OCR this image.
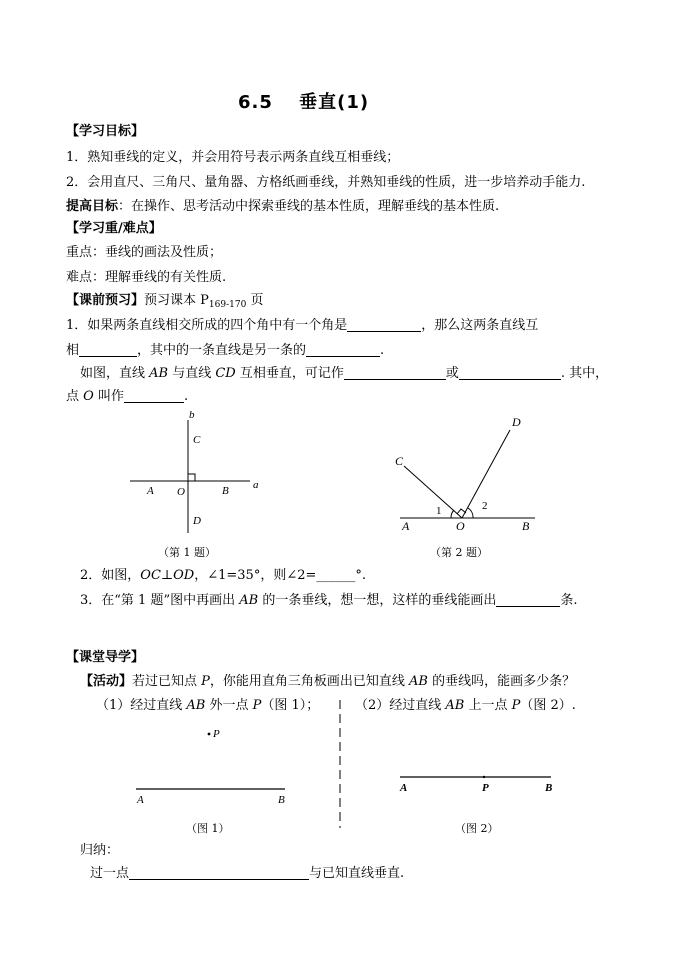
6.5　 垂直(1)
【学习目标】
1．熟知垂线的定义，并会用符号表示两条直线互相垂线；
2．会用直尺、三角尺、量角器、方格纸画垂线，并熟知垂线的性质，进一步培养动手能力.
提高目标：在操作、思考活动中探索垂线的基本性质，理解垂线的基本性质.
【学习重/难点】
重点：垂线的画法及性质；
难点：理解垂线的有关性质.
【课前预习】预习课本 $P_{169-170}$ 页
1．如果两条直线相交所成的四个角中有一个角是	，那么这两条直线互
相	，其中的一条直线是另一条的	.
如图，直线 AB 与直线 CD 互相垂直，可记作	或	. 其中，
点 O 叫作	.
a
b
C
D
A	B
O
（第 1 题）
C
D
A	B
O
1	2
（第 2 题）
2．如图，OC⊥OD，∠1=35°，则∠2=______°.
3．在“第 1 题”图中再画出 AB 的一条垂线，想一想，这样的垂线能画出	条.
【课堂导学】
【活动】若过已知点 P，你能用直角三角板画出已知直线 AB 的垂线吗，能画多少条？
（1）经过直线 AB 外一点 P（图 1）；	（2）经过直线 AB 上一点 P（图 2）.
P
A	B
（图 1）
A	P	B
（图 2）
归纳：
过一点	与已知直线垂直.
